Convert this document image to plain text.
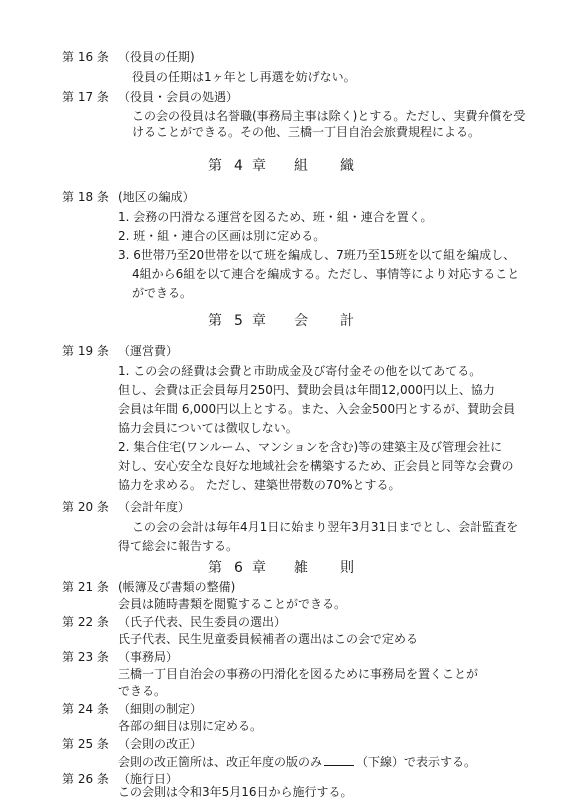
第 16 条 （役員の任期)
役員の任期は1ヶ年とし再選を妨げない。
第 17 条 （役員・会員の処遇）
この会の役員は名誉職(事務局主事は除く)とする。ただし、実費弁償を受
けることができる。その他、三橋一丁目自治会旅費規程による。
第 4 章 組 織
第 18 条 (地区の編成）
1. 会務の円滑なる運営を図るため、班・組・連合を置く。
2. 班・組・連合の区画は別に定める。
3. 6世帯乃至20世帯を以て班を編成し、7班乃至15班を以て組を編成し、
4組から6組を以て連合を編成する。ただし、事情等により対応すること
ができる。
第 5 章 会 計
第 19 条 （運営費）
1. この会の経費は会費と市助成金及び寄付金その他を以てあてる。
但し、会費は正会員毎月250円、賛助会員は年間12,000円以上、協力
会員は年間 6,000円以上とする。また、入会金500円とするが、賛助会員
協力会員については徴収しない。
2. 集合住宅(ワンルーム、マンションを含む)等の建築主及び管理会社に
対し、安心安全な良好な地域社会を構築するため、正会員と同等な会費の
協力を求める。 ただし、建築世帯数の70%とする。
第 20 条 （会計年度）
この会の会計は毎年4月1日に始まり翌年3月31日までとし、会計監査を
得て総会に報告する。
第 6 章 雑 則
第 21 条 (帳簿及び書類の整備)
会員は随時書類を閲覧することができる。
第 22 条 （氏子代表、民生委員の選出）
氏子代表、民生児童委員候補者の選出はこの会で定める
第 23 条 （事務局）
三橋一丁目自治会の事務の円滑化を図るために事務局を置くことが
できる。
第 24 条 （細則の制定）
各部の細目は別に定める。
第 25 条 （会則の改正）
会則の改正箇所は、改正年度の版のみ	（下線）で表示する。
第 26 条 （施行日）
この会則は令和3年5月16日から施行する。
